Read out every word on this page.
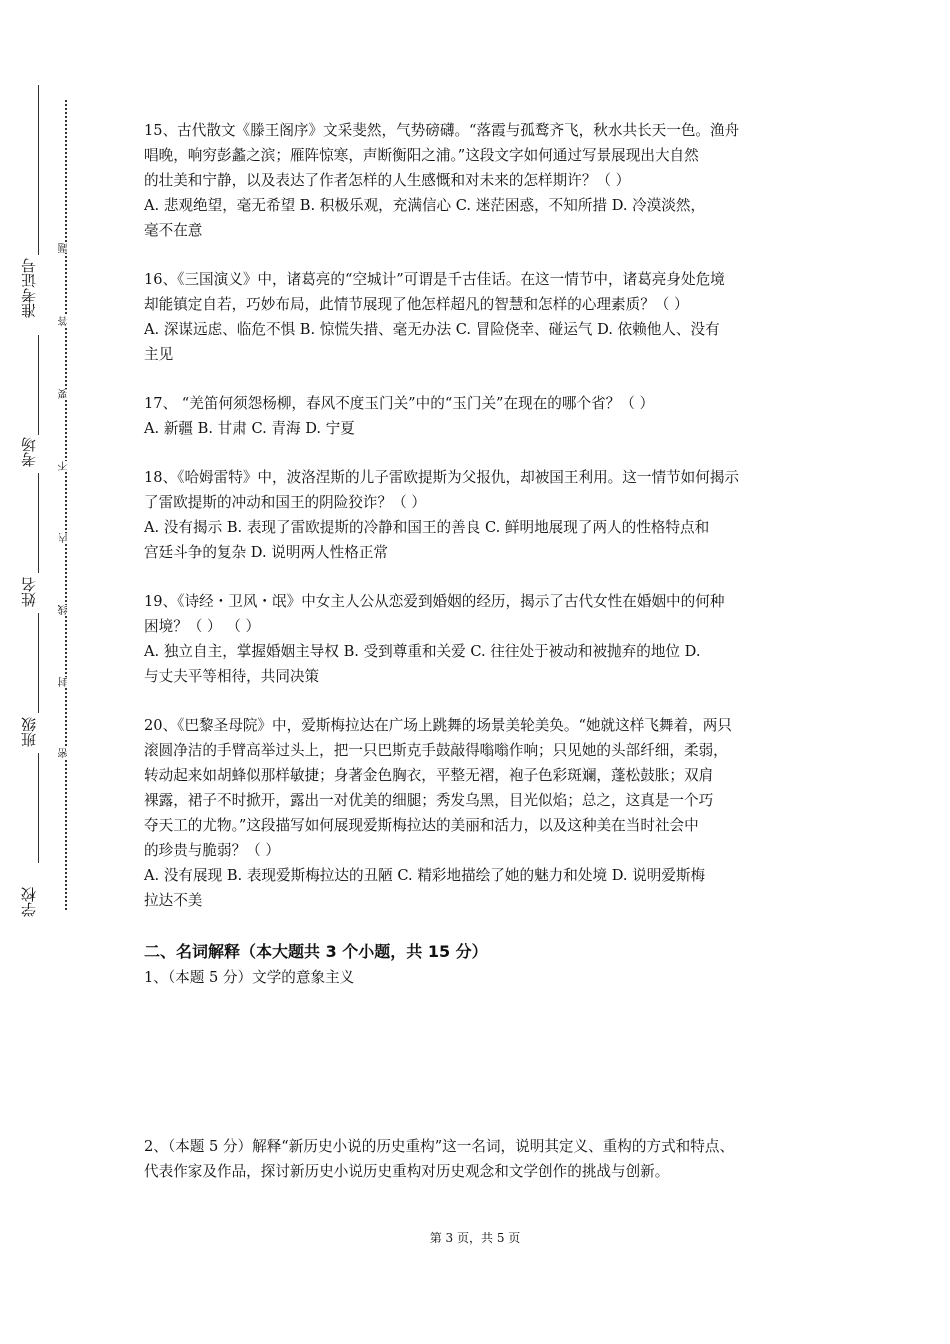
准考证号
考场
姓名
班级
学校
题
答
要
不
内
线
封
密

15、古代散文《滕王阁序》文采斐然，气势磅礴。“落霞与孤鹜齐飞，秋水共长天一色。渔舟

唱晚，响穷彭蠡之滨；雁阵惊寒，声断衡阳之浦。”这段文字如何通过写景展现出大自然

的壮美和宁静，以及表达了作者怎样的人生感慨和对未来的怎样期许？（ ）

A. 悲观绝望，毫无希望 B. 积极乐观，充满信心 C. 迷茫困惑，不知所措 D. 冷漠淡然，

毫不在意

16、《三国演义》中，诸葛亮的“空城计”可谓是千古佳话。在这一情节中，诸葛亮身处危境

却能镇定自若，巧妙布局，此情节展现了他怎样超凡的智慧和怎样的心理素质？（ ）

A. 深谋远虑、临危不惧 B. 惊慌失措、毫无办法 C. 冒险侥幸、碰运气 D. 依赖他人、没有

主见

17、 “羌笛何须怨杨柳，春风不度玉门关”中的“玉门关”在现在的哪个省？（ ）

A. 新疆 B. 甘肃 C. 青海 D. 宁夏

18、《哈姆雷特》中，波洛涅斯的儿子雷欧提斯为父报仇，却被国王利用。这一情节如何揭示

了雷欧提斯的冲动和国王的阴险狡诈？（ ）

A. 没有揭示 B. 表现了雷欧提斯的冷静和国王的善良 C. 鲜明地展现了两人的性格特点和

宫廷斗争的复杂 D. 说明两人性格正常

19、《诗经・卫风・氓》中女主人公从恋爱到婚姻的经历，揭示了古代女性在婚姻中的何种

困境？（ ） （ ）

A. 独立自主，掌握婚姻主导权 B. 受到尊重和关爱 C. 往往处于被动和被抛弃的地位 D.

与丈夫平等相待，共同决策

20、《巴黎圣母院》中，爱斯梅拉达在广场上跳舞的场景美轮美奂。“她就这样飞舞着，两只

滚圆净洁的手臂高举过头上，把一只巴斯克手鼓敲得嗡嗡作响；只见她的头部纤细，柔弱，

转动起来如胡蜂似那样敏捷；身著金色胸衣，平整无褶，袍子色彩斑斓，蓬松鼓胀；双肩

裸露，裙子不时掀开，露出一对优美的细腿；秀发乌黑，目光似焰；总之，这真是一个巧

夺天工的尤物。”这段描写如何展现爱斯梅拉达的美丽和活力，以及这种美在当时社会中

的珍贵与脆弱？（ ）

A. 没有展现 B. 表现爱斯梅拉达的丑陋 C. 精彩地描绘了她的魅力和处境 D. 说明爱斯梅

拉达不美

二、名词解释（本大题共 3 个小题，共 15 分）

1、（本题 5 分）文学的意象主义

2、（本题 5 分）解释“新历史小说的历史重构”这一名词，说明其定义、重构的方式和特点、

代表作家及作品，探讨新历史小说历史重构对历史观念和文学创作的挑战与创新。

第 3 页，共 5 页
